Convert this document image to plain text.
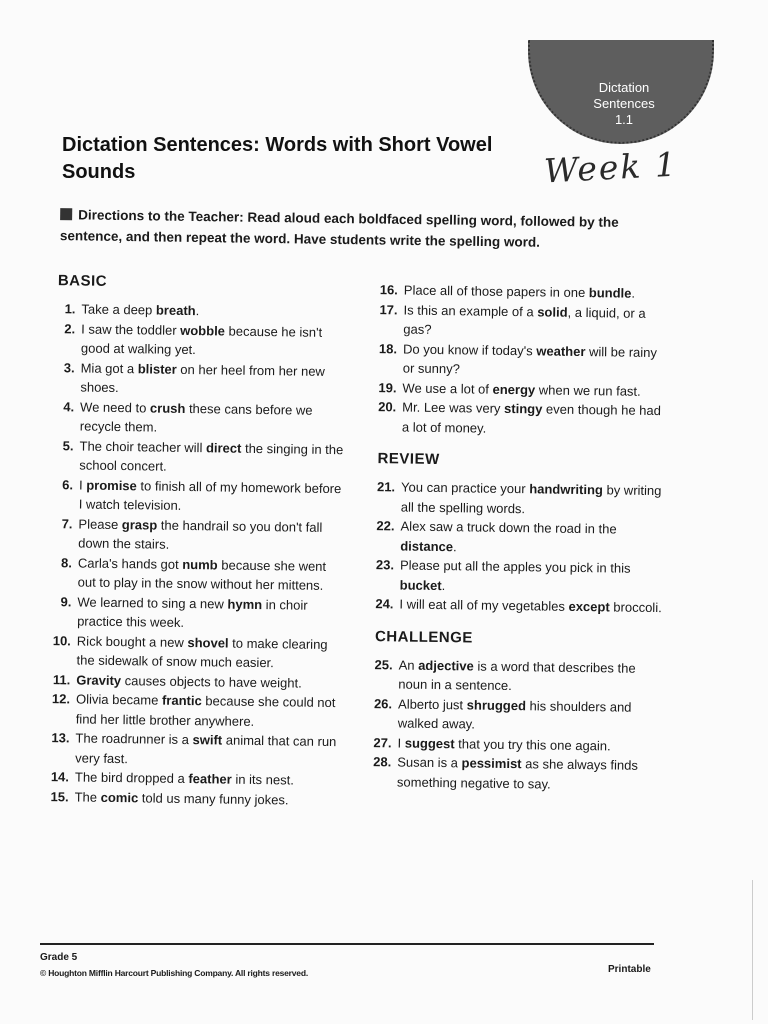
Dictation
Sentences
1.1
Week 1
Dictation Sentences: Words with Short Vowel Sounds
Directions to the Teacher: Read aloud each boldfaced spelling word, followed by the sentence, and then repeat the word. Have students write the spelling word.
BASIC
1. Take a deep breath.
2. I saw the toddler wobble because he isn't good at walking yet.
3. Mia got a blister on her heel from her new shoes.
4. We need to crush these cans before we recycle them.
5. The choir teacher will direct the singing in the school concert.
6. I promise to finish all of my homework before I watch television.
7. Please grasp the handrail so you don't fall down the stairs.
8. Carla's hands got numb because she went out to play in the snow without her mittens.
9. We learned to sing a new hymn in choir practice this week.
10. Rick bought a new shovel to make clearing the sidewalk of snow much easier.
11. Gravity causes objects to have weight.
12. Olivia became frantic because she could not find her little brother anywhere.
13. The roadrunner is a swift animal that can run very fast.
14. The bird dropped a feather in its nest.
15. The comic told us many funny jokes.
16. Place all of those papers in one bundle.
17. Is this an example of a solid, a liquid, or a gas?
18. Do you know if today's weather will be rainy or sunny?
19. We use a lot of energy when we run fast.
20. Mr. Lee was very stingy even though he had a lot of money.
REVIEW
21. You can practice your handwriting by writing all the spelling words.
22. Alex saw a truck down the road in the distance.
23. Please put all the apples you pick in this bucket.
24. I will eat all of my vegetables except broccoli.
CHALLENGE
25. An adjective is a word that describes the noun in a sentence.
26. Alberto just shrugged his shoulders and walked away.
27. I suggest that you try this one again.
28. Susan is a pessimist as she always finds something negative to say.
Grade 5
© Houghton Mifflin Harcourt Publishing Company. All rights reserved.	Printable
